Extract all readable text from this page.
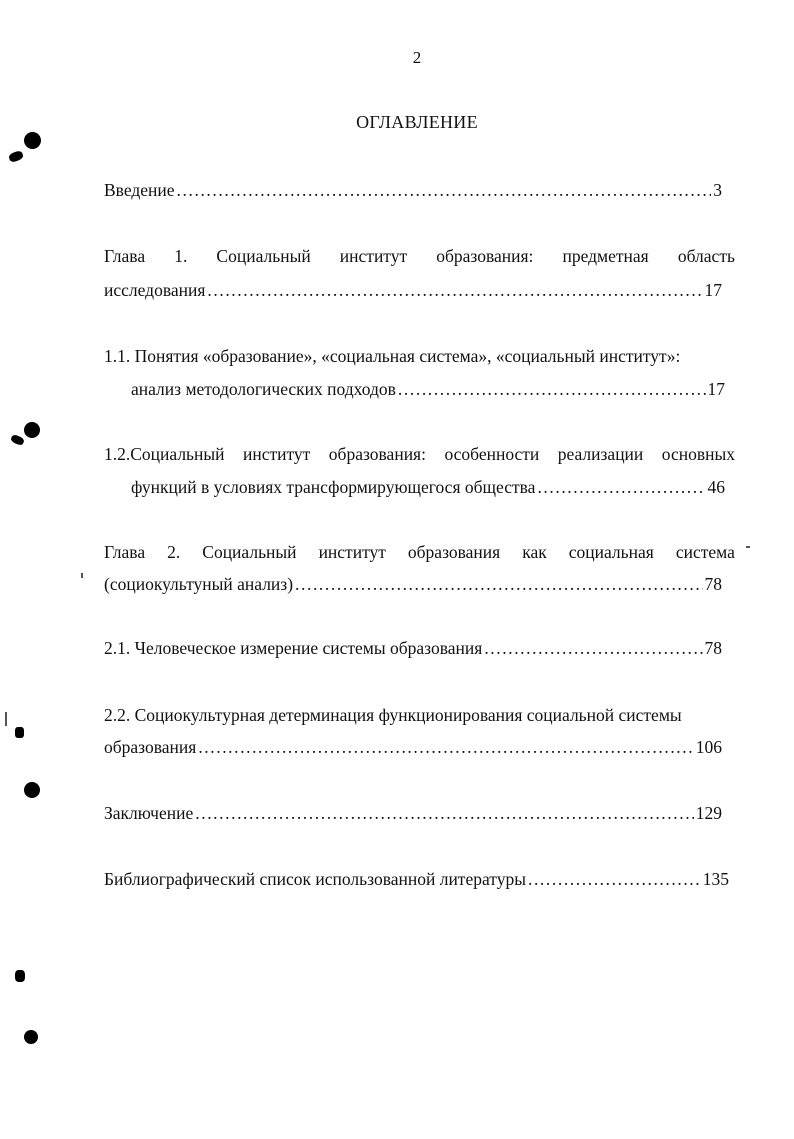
2
ОГЛАВЛЕНИЕ
Введение .....	3
Глава 1. Социальный институт образования: предметная область
исследования .....	17
1.1. Понятия «образование», «социальная система», «социальный институт»:
анализ методологических подходов .....	17
1.2.Социальный институт образования: особенности реализации основных
функций в условиях трансформирующегося общества .....	46
Глава 2. Социальный институт образования как социальная система
(социокультуный анализ) .....	78
2.1. Человеческое измерение системы образования .....	78
2.2. Социокультурная детерминация функционирования социальной системы
образования .....	106
Заключение .....	129
Библиографический список использованной литературы .....	135
